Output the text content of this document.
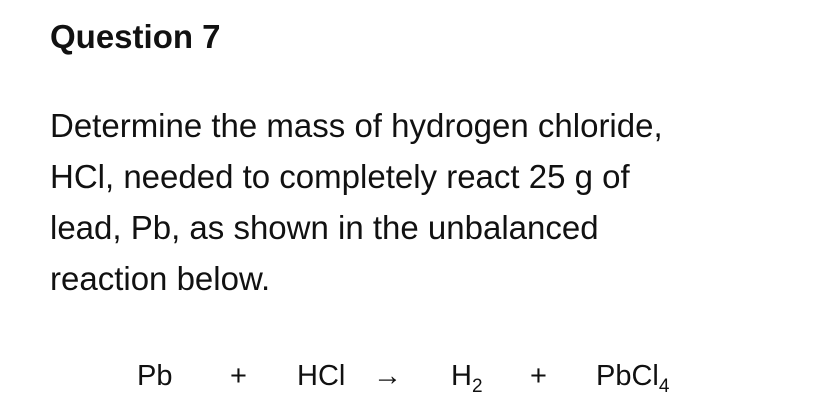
Question 7
Determine the mass of hydrogen chloride,
HCl, needed to completely react 25 g of
lead, Pb, as shown in the unbalanced
reaction below.
Pb + HCl → $H_2$ + PbCl$_4$
